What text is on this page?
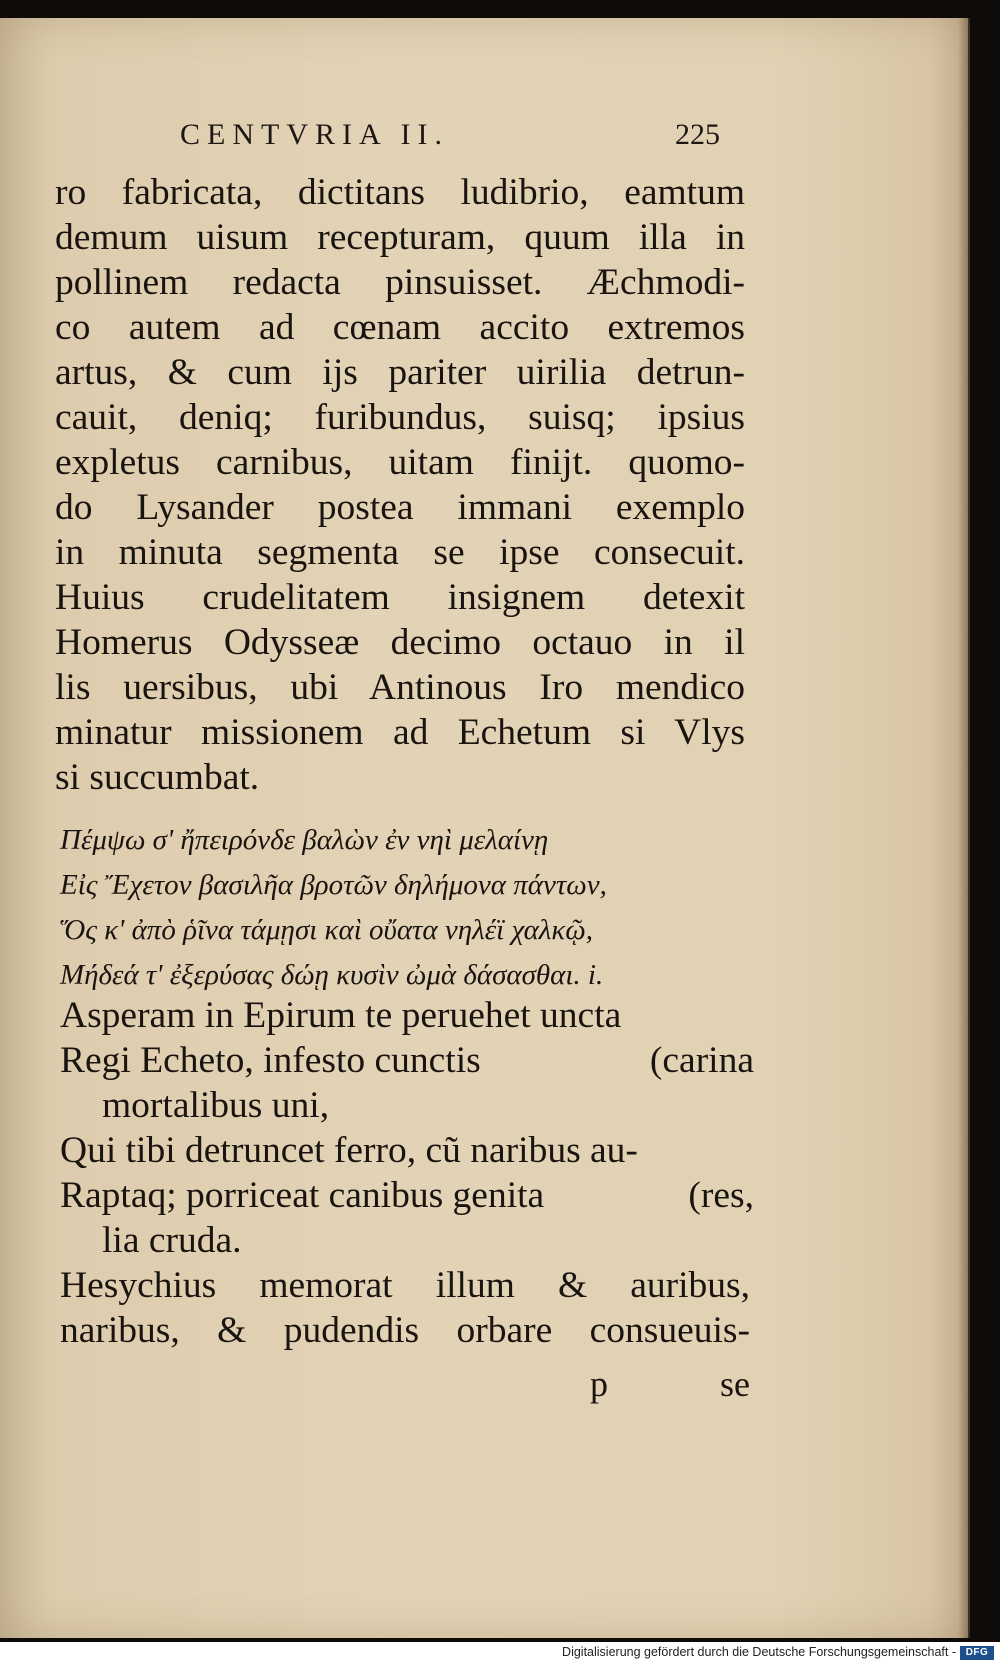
CENTVRIA II.	225
ro fabricata, dictitans ludibrio, eamtum
demum uisum recepturam, quum illa in
pollinem redacta pinsuisset. Æchmodi-
co autem ad cœnam accito extremos
artus, & cum ijs pariter uirilia detrun-
cauit, deniq; furibundus, suisq; ipsius
expletus carnibus, uitam finijt. quomo-
do Lysander postea immani exemplo
in minuta segmenta se ipse consecuit.
Huius crudelitatem insignem detexit
Homerus Odysseæ decimo octauo in il
lis uersibus, ubi Antinous Iro mendico
minatur missionem ad Echetum si Vlys
si succumbat.
Πέμψω σ' ἤπειρόνδε βαλὼν ἐν νηὶ μελαίνῃ
Εἰς Ἔχετον βασιλῆα βροτῶν δηλήμονα πάντων,
Ὅς κ' ἀπὸ ῥῖνα τάμῃσι καὶ οὔατα νηλέϊ χαλκῷ,
Μήδεά τ' ἐξερύσας δώῃ κυσὶν ὠμὰ δάσασθαι. i.
Asperam in Epirum te peruehet uncta
Regi Echeto, infesto cunctis	(carina
mortalibus uni,
Qui tibi detruncet ferro, cũ naribus au-
Raptaq; porriceat canibus genita	(res,
lia cruda.
Hesychius memorat illum & auribus,
naribus, & pudendis orbare consueuis-
p	se
Digitalisierung gefördert durch die Deutsche Forschungsgemeinschaft - DFG
